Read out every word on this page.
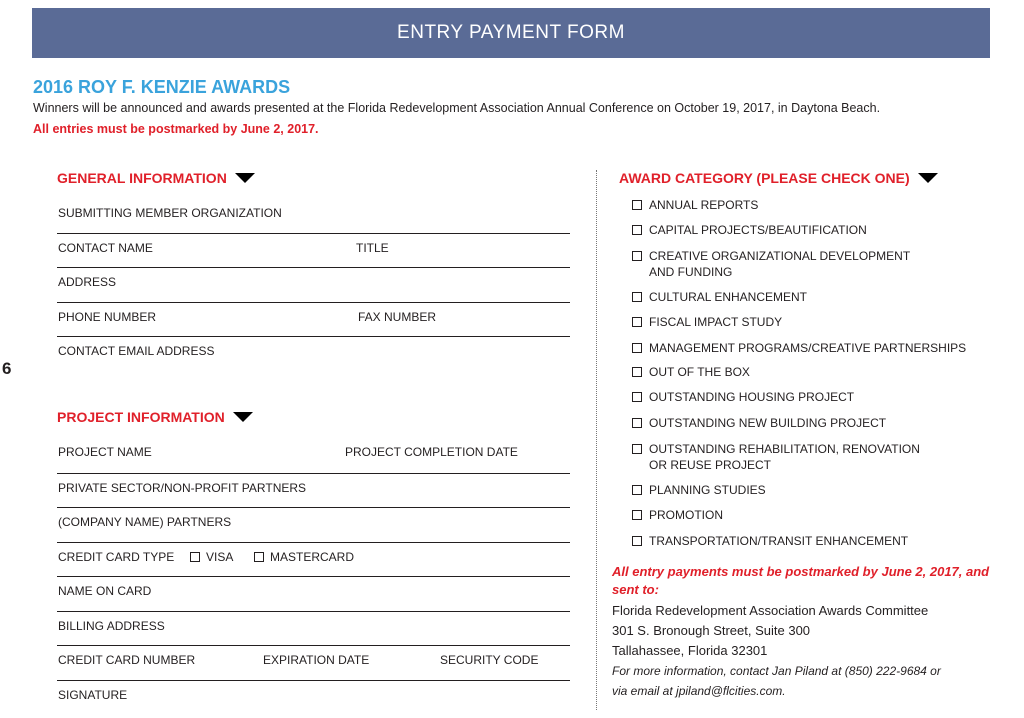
ENTRY PAYMENT FORM
2016 ROY F. KENZIE AWARDS
Winners will be announced and awards presented at the Florida Redevelopment Association Annual Conference on October 19, 2017, in Daytona Beach.
All entries must be postmarked by June 2, 2017.
6
GENERAL INFORMATION
SUBMITTING MEMBER ORGANIZATION
CONTACT NAME	TITLE
ADDRESS
PHONE NUMBER	FAX NUMBER
CONTACT EMAIL ADDRESS
PROJECT INFORMATION
PROJECT NAME	PROJECT COMPLETION DATE
PRIVATE SECTOR/NON-PROFIT PARTNERS
(COMPANY NAME) PARTNERS
CREDIT CARD TYPE	VISA	MASTERCARD
NAME ON CARD
BILLING ADDRESS
CREDIT CARD NUMBER	EXPIRATION DATE	SECURITY CODE
SIGNATURE
AWARD CATEGORY (PLEASE CHECK ONE)
ANNUAL REPORTS
CAPITAL PROJECTS/BEAUTIFICATION
CREATIVE ORGANIZATIONAL DEVELOPMENT
AND FUNDING
CULTURAL ENHANCEMENT
FISCAL IMPACT STUDY
MANAGEMENT PROGRAMS/CREATIVE PARTNERSHIPS
OUT OF THE BOX
OUTSTANDING HOUSING PROJECT
OUTSTANDING NEW BUILDING PROJECT
OUTSTANDING REHABILITATION, RENOVATION
OR REUSE PROJECT
PLANNING STUDIES
PROMOTION
TRANSPORTATION/TRANSIT ENHANCEMENT
All entry payments must be postmarked by June 2, 2017, and sent to:
Florida Redevelopment Association Awards Committee
301 S. Bronough Street, Suite 300
Tallahassee, Florida 32301
For more information, contact Jan Piland at (850) 222-9684 or
via email at jpiland@flcities.com.
